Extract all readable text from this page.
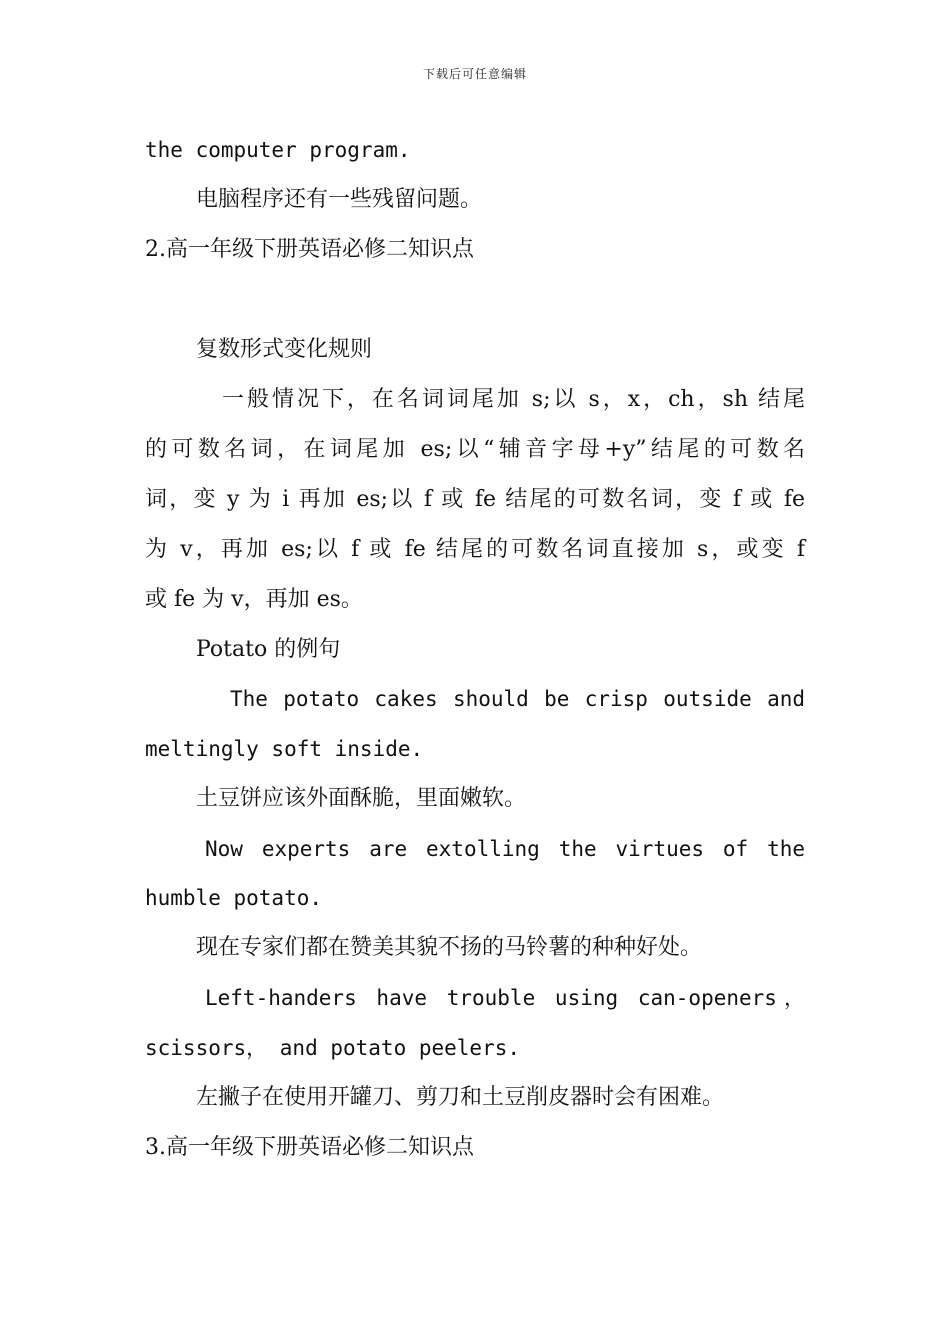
下载后可任意编辑
the computer program.
电脑程序还有一些残留问题。
2.高一年级下册英语必修二知识点
复数形式变化规则
一般情况下，在名词词尾加 s;以 s，x，ch，sh 结尾
的可数名词，在词尾加 es;以“辅音字母+y”结尾的可数名
词，变 y 为 i 再加 es;以 f 或 fe 结尾的可数名词，变 f 或 fe
为 v，再加 es;以 f 或 fe 结尾的可数名词直接加 s，或变 f
或 fe 为 v，再加 es。
Potato 的例句
The potato cakes should be crisp outside and
meltingly soft inside.
土豆饼应该外面酥脆，里面嫩软。
Now experts are extolling the virtues of the
humble potato.
现在专家们都在赞美其貌不扬的马铃薯的种种好处。
Left-handers have trouble using can-openers，
scissors， and potato peelers.
左撇子在使用开罐刀、剪刀和土豆削皮器时会有困难。
3.高一年级下册英语必修二知识点
